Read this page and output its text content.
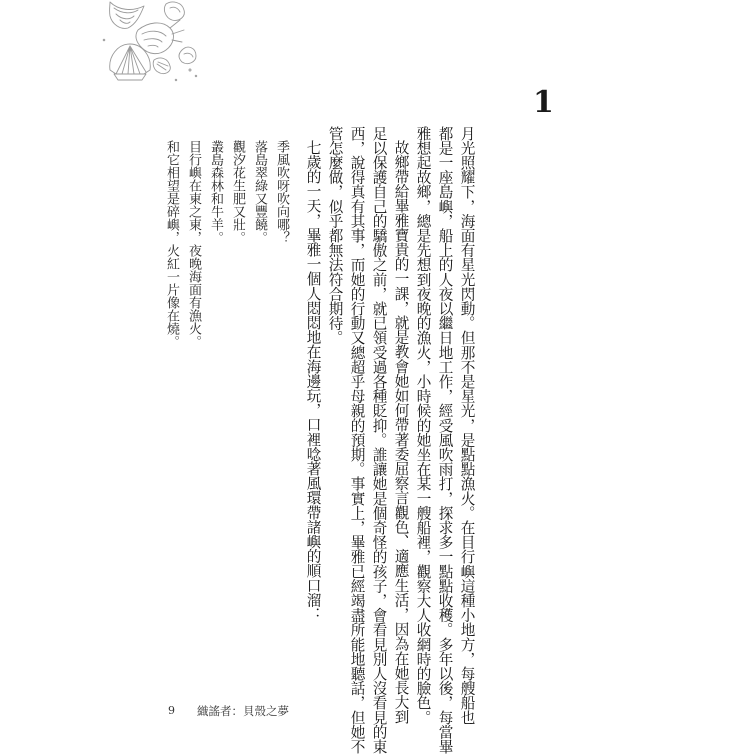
1
月光照耀下，海面有星光閃動。但那不是星光，是點點漁火。在目行嶼這種小地方，每艘船也
都是一座島嶼，船上的人夜以繼日地工作，經受風吹雨打，探求多一點點收穫。多年以後，每當畢
雅想起故鄉，總是先想到夜晚的漁火，小時候的她坐在某一艘船裡，觀察大人收網時的臉色。
故鄉帶給畢雅寶貴的一課，就是教會她如何帶著委屈察言觀色、適應生活，因為在她長大到
足以保護自己的驕傲之前，就已領受過各種貶抑。誰讓她是個奇怪的孩子，會看見別人沒看見的東
西，說得真有其事，而她的行動又總超乎母親的預期。事實上，畢雅已經竭盡所能地聽話，但她不
管怎麼做，似乎都無法符合期待。
七歲的一天，畢雅一個人悶悶地在海邊玩，口裡唸著風環帶諸嶼的順口溜：
季風吹呀吹向哪？
落島翠綠又豐饒。
觀汐花生肥又壯。
叢島森林和牛羊。
目行嶼在東之東，夜晚海面有漁火。
和它相望是碎嶼，火紅一片像在燒。
9 織謠者：貝殼之夢
